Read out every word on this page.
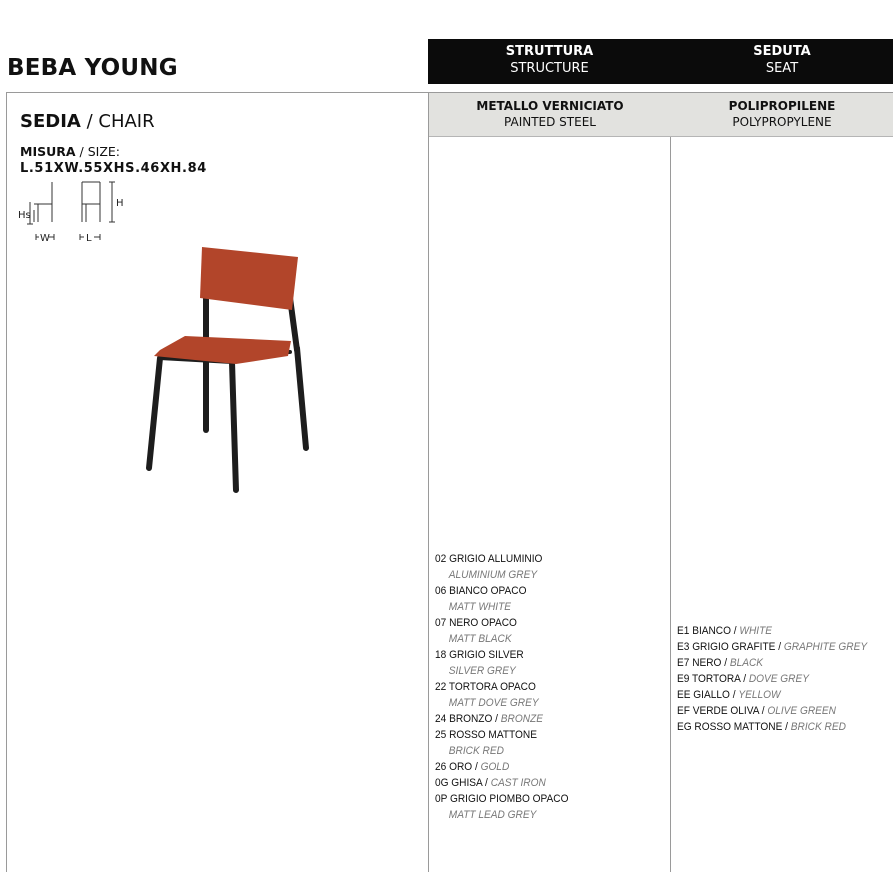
BEBA YOUNG
STRUTTURA
STRUCTURE
SEDUTA
SEAT
METALLO VERNICIATO
PAINTED STEEL
POLIPROPILENE
POLYPROPYLENE
SEDIA / CHAIR
MISURA / SIZE:
L.51XW.55XHS.46XH.84
Hs
H
W	L
02 GRIGIO ALLUMINIO
ALUMINIUM GREY
06 BIANCO OPACO
MATT WHITE
07 NERO OPACO
MATT BLACK
18 GRIGIO SILVER
SILVER GREY
22 TORTORA OPACO
MATT DOVE GREY
24 BRONZO / BRONZE
25 ROSSO MATTONE
BRICK RED
26 ORO / GOLD
0G GHISA / CAST IRON
0P GRIGIO PIOMBO OPACO
MATT LEAD GREY
E1 BIANCO / WHITE
E3 GRIGIO GRAFITE / GRAPHITE GREY
E7 NERO / BLACK
E9 TORTORA / DOVE GREY
EE GIALLO / YELLOW
EF VERDE OLIVA / OLIVE GREEN
EG ROSSO MATTONE / BRICK RED
